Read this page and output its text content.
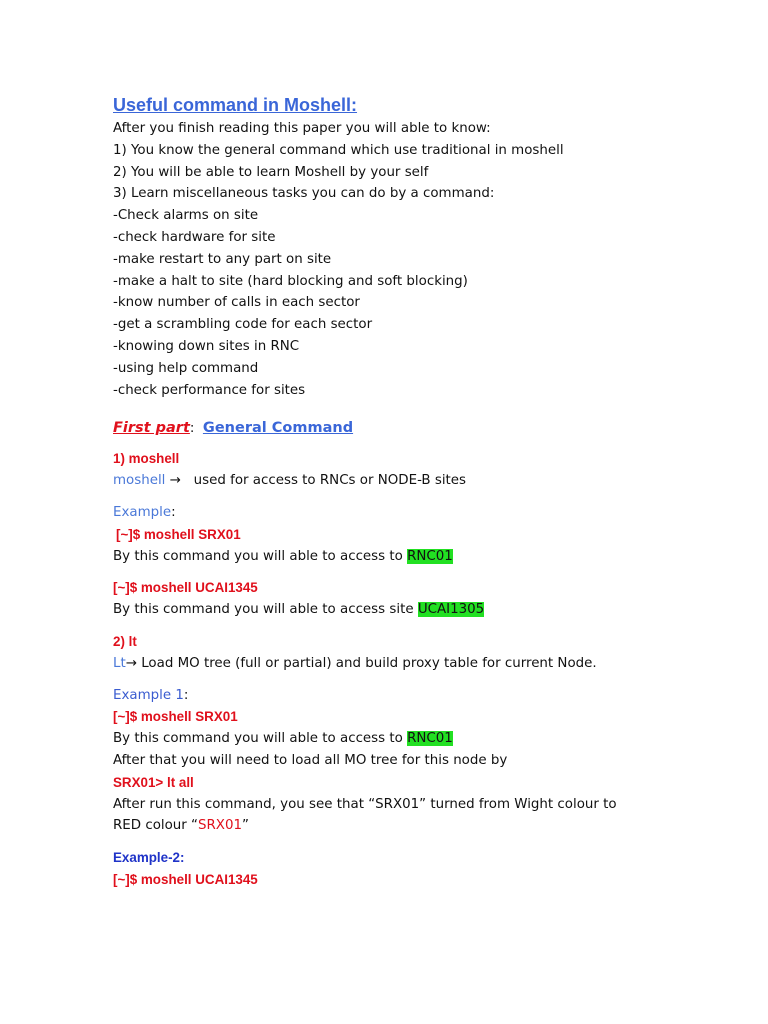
Useful command in Moshell:
After you finish reading this paper you will able to know:
1) You know the general command which use traditional in moshell
2) You will be able to learn Moshell by your self
3) Learn miscellaneous tasks you can do by a command:
-Check alarms on site
-check hardware for site
-make restart to any part on site
-make a halt to site (hard blocking and soft blocking)
-know number of calls in each sector
-get a scrambling code for each sector
-knowing down sites in RNC
-using help command
-check performance for sites
First part: General Command
1) moshell
moshell → used for access to RNCs or NODE-B sites
Example:
[~]$ moshell SRX01
By this command you will able to access to RNC01
[~]$ moshell UCAI1345
By this command you will able to access site UCAI1305
2) lt
Lt→ Load MO tree (full or partial) and build proxy table for current Node.
Example 1:
[~]$ moshell SRX01
By this command you will able to access to RNC01
After that you will need to load all MO tree for this node by
SRX01> lt all
After run this command, you see that “SRX01” turned from Wight colour to
RED colour “SRX01”
Example-2:
[~]$ moshell UCAI1345
